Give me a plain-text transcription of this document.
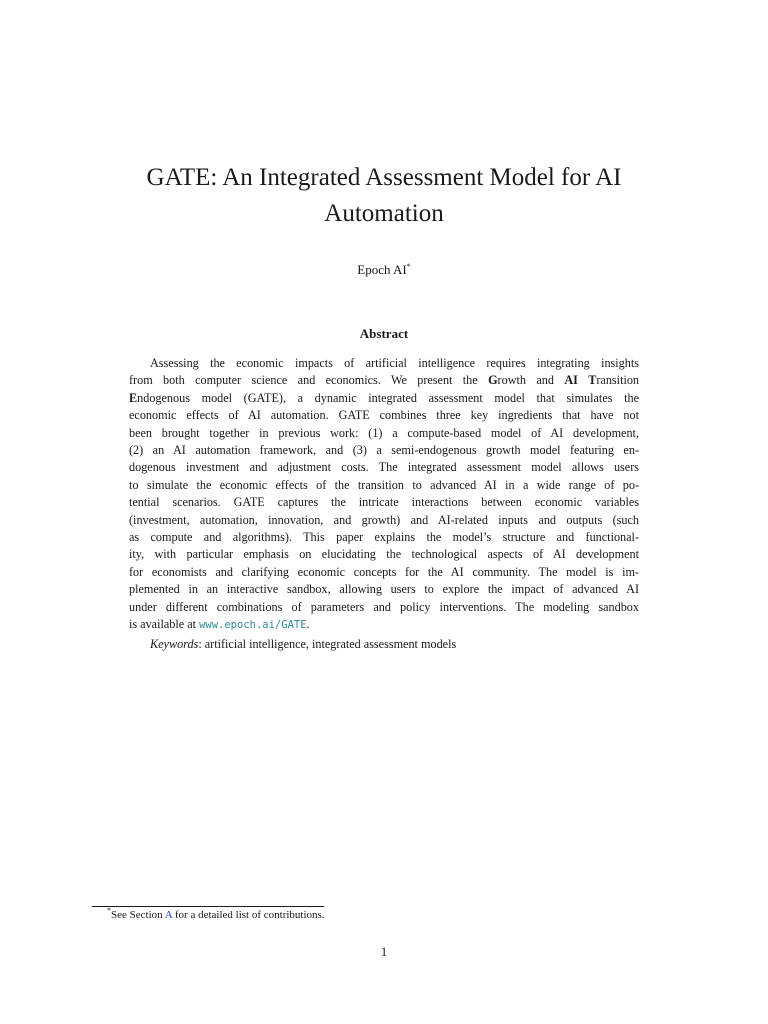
GATE: An Integrated Assessment Model for AI
Automation
Epoch AI*
Abstract
Assessing the economic impacts of artificial intelligence requires integrating insights
from both computer science and economics. We present the Growth and AI Transition
Endogenous model (GATE), a dynamic integrated assessment model that simulates the
economic effects of AI automation. GATE combines three key ingredients that have not
been brought together in previous work: (1) a compute-based model of AI development,
(2) an AI automation framework, and (3) a semi-endogenous growth model featuring en-
dogenous investment and adjustment costs. The integrated assessment model allows users
to simulate the economic effects of the transition to advanced AI in a wide range of po-
tential scenarios. GATE captures the intricate interactions between economic variables
(investment, automation, innovation, and growth) and AI-related inputs and outputs (such
as compute and algorithms). This paper explains the model’s structure and functional-
ity, with particular emphasis on elucidating the technological aspects of AI development
for economists and clarifying economic concepts for the AI community. The model is im-
plemented in an interactive sandbox, allowing users to explore the impact of advanced AI
under different combinations of parameters and policy interventions. The modeling sandbox
is available at www.epoch.ai/GATE.
Keywords: artificial intelligence, integrated assessment models
*See Section A for a detailed list of contributions.
1
